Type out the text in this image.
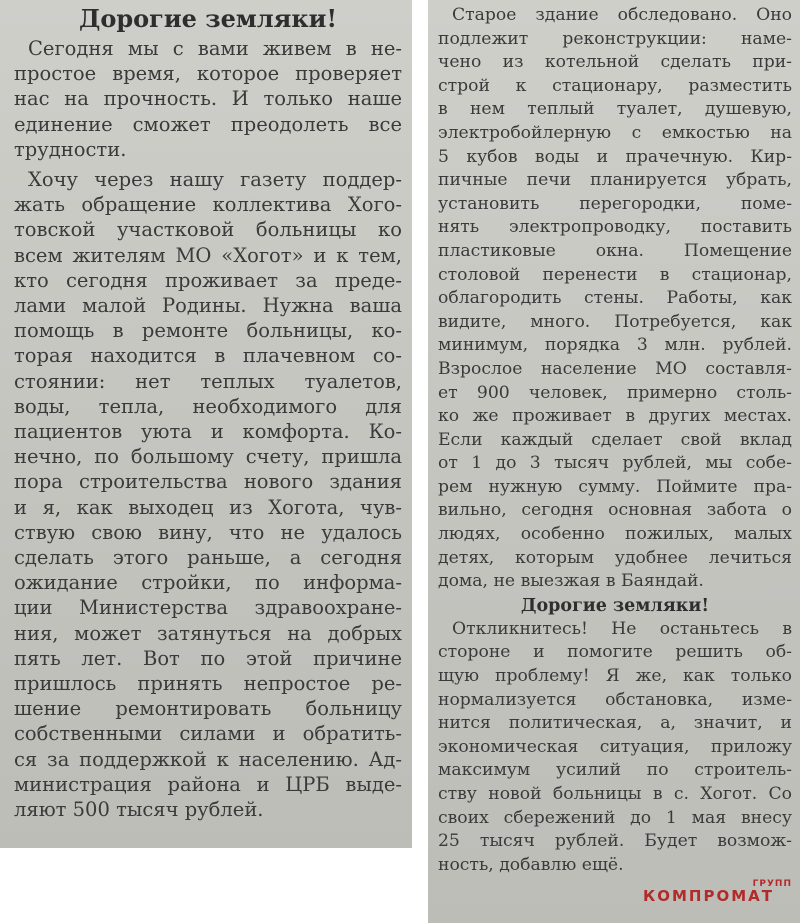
Дорогие земляки!
Сегодня мы с вами живем в не-
простое время, которое проверяет
нас на прочность. И только наше
единение сможет преодолеть все
трудности.
Хочу через нашу газету поддер-
жать обращение коллектива Хого-
товской участковой больницы ко
всем жителям МО «Хогот» и к тем,
кто сегодня проживает за преде-
лами малой Родины. Нужна ваша
помощь в ремонте больницы, ко-
торая находится в плачевном со-
стоянии: нет теплых туалетов,
воды, тепла, необходимого для
пациентов уюта и комфорта. Ко-
нечно, по большому счету, пришла
пора строительства нового здания
и я, как выходец из Хогота, чув-
ствую свою вину, что не удалось
сделать этого раньше, а сегодня
ожидание стройки, по информа-
ции Министерства здравоохране-
ния, может затянуться на добрых
пять лет. Вот по этой причине
пришлось принять непростое ре-
шение ремонтировать больницу
собственными силами и обратить-
ся за поддержкой к населению. Ад-
министрация района и ЦРБ выде-
ляют 500 тысяч рублей.
Старое здание обследовано. Оно
подлежит реконструкции: наме-
чено из котельной сделать при-
строй к стационару, разместить
в нем теплый туалет, душевую,
электробойлерную с емкостью на
5 кубов воды и прачечную. Кир-
пичные печи планируется убрать,
установить перегородки, поме-
нять электропроводку, поставить
пластиковые окна. Помещение
столовой перенести в стационар,
облагородить стены. Работы, как
видите, много. Потребуется, как
минимум, порядка 3 млн. рублей.
Взрослое население МО составля-
ет 900 человек, примерно столь-
ко же проживает в других местах.
Если каждый сделает свой вклад
от 1 до 3 тысяч рублей, мы собе-
рем нужную сумму. Поймите пра-
вильно, сегодня основная забота о
людях, особенно пожилых, малых
детях, которым удобнее лечиться
дома, не выезжая в Баяндай.
Дорогие земляки!
Откликнитесь! Не останьтесь в
стороне и помогите решить об-
щую проблему! Я же, как только
нормализуется обстановка, изме-
нится политическая, а, значит, и
экономическая ситуация, приложу
максимум усилий по строитель-
ству новой больницы в с. Хогот. Со
своих сбережений до 1 мая внесу
25 тысяч рублей. Будет возмож-
ность, добавлю ещё.
ГРУПП
КОМПРОМАТ
